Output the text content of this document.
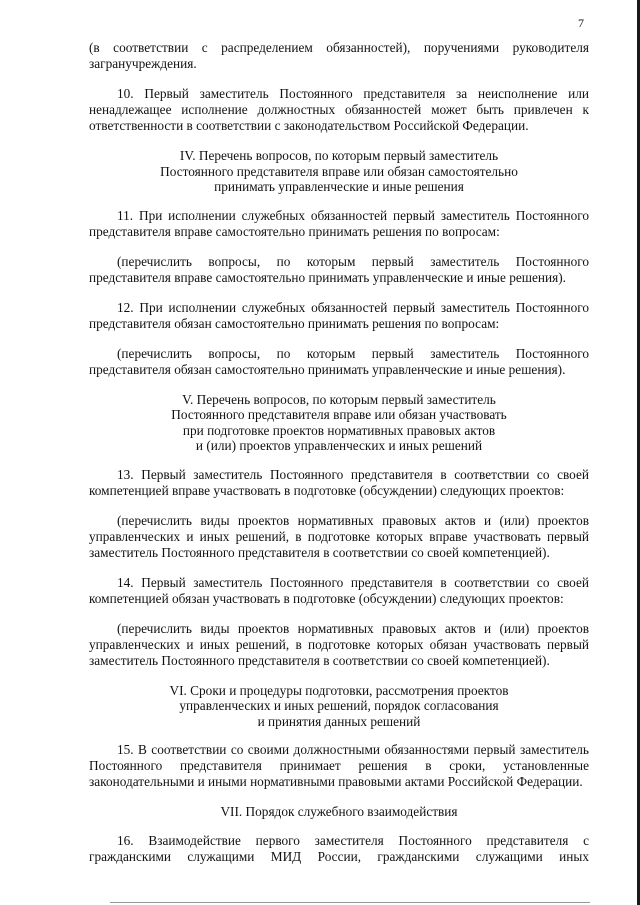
7

(в соответствии с распределением обязанностей), поручениями руководителя загранучреждения.

10. Первый заместитель Постоянного представителя за неисполнение или ненадлежащее исполнение должностных обязанностей может быть привлечен к ответственности в соответствии с законодательством Российской Федерации.

IV. Перечень вопросов, по которым первый заместитель
Постоянного представителя вправе или обязан самостоятельно
принимать управленческие и иные решения

11. При исполнении служебных обязанностей первый заместитель Постоянного представителя вправе самостоятельно принимать решения по вопросам:

(перечислить вопросы, по которым первый заместитель Постоянного представителя вправе самостоятельно принимать управленческие и иные решения).

12. При исполнении служебных обязанностей первый заместитель Постоянного представителя обязан самостоятельно принимать решения по вопросам:

(перечислить вопросы, по которым первый заместитель Постоянного представителя обязан самостоятельно принимать управленческие и иные решения).

V. Перечень вопросов, по которым первый заместитель
Постоянного представителя вправе или обязан участвовать
при подготовке проектов нормативных правовых актов
и (или) проектов управленческих и иных решений

13. Первый заместитель Постоянного представителя в соответствии со своей компетенцией вправе участвовать в подготовке (обсуждении) следующих проектов:

(перечислить виды проектов нормативных правовых актов и (или) проектов управленческих и иных решений, в подготовке которых вправе участвовать первый заместитель Постоянного представителя в соответствии со своей компетенцией).

14. Первый заместитель Постоянного представителя в соответствии со своей компетенцией обязан участвовать в подготовке (обсуждении) следующих проектов:

(перечислить виды проектов нормативных правовых актов и (или) проектов управленческих и иных решений, в подготовке которых обязан участвовать первый заместитель Постоянного представителя в соответствии со своей компетенцией).

VI. Сроки и процедуры подготовки, рассмотрения проектов
управленческих и иных решений, порядок согласования
и принятия данных решений

15. В соответствии со своими должностными обязанностями первый заместитель Постоянного представителя принимает решения в сроки, установленные законодательными и иными нормативными правовыми актами Российской Федерации.

VII. Порядок служебного взаимодействия

16. Взаимодействие первого заместителя Постоянного представителя с гражданскими служащими МИД России, гражданскими служащими иных
